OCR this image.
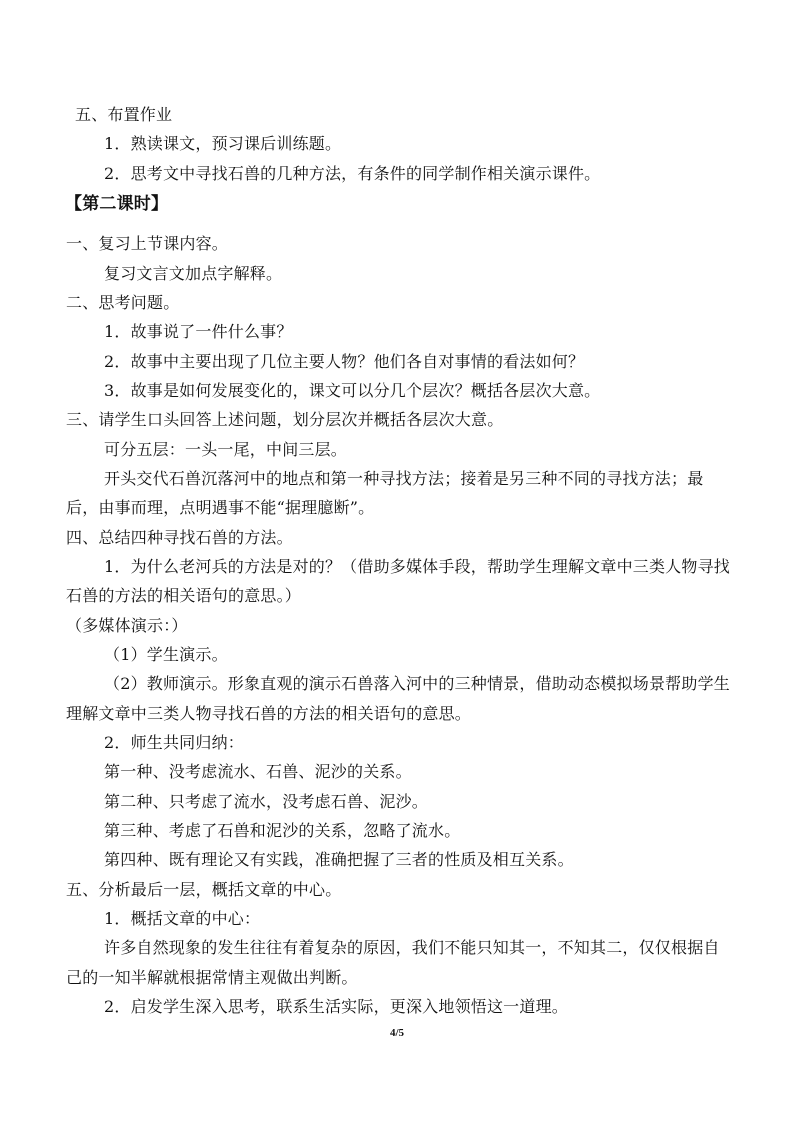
五、布置作业
1．熟读课文，预习课后训练题。
2．思考文中寻找石兽的几种方法，有条件的同学制作相关演示课件。
【第二课时】
一、复习上节课内容。
复习文言文加点字解释。
二、思考问题。
1．故事说了一件什么事？
2．故事中主要出现了几位主要人物？他们各自对事情的看法如何？
3．故事是如何发展变化的，课文可以分几个层次？概括各层次大意。
三、请学生口头回答上述问题，划分层次并概括各层次大意。
可分五层：一头一尾，中间三层。
开头交代石兽沉落河中的地点和第一种寻找方法；接着是另三种不同的寻找方法；最
后，由事而理，点明遇事不能“据理臆断”。
四、总结四种寻找石兽的方法。
1．为什么老河兵的方法是对的？（借助多媒体手段，帮助学生理解文章中三类人物寻找
石兽的方法的相关语句的意思。）
（多媒体演示：）
（1）学生演示。
（2）教师演示。形象直观的演示石兽落入河中的三种情景，借助动态模拟场景帮助学生
理解文章中三类人物寻找石兽的方法的相关语句的意思。
2．师生共同归纳：
第一种、没考虑流水、石兽、泥沙的关系。
第二种、只考虑了流水，没考虑石兽、泥沙。
第三种、考虑了石兽和泥沙的关系，忽略了流水。
第四种、既有理论又有实践，准确把握了三者的性质及相互关系。
五、分析最后一层，概括文章的中心。
1．概括文章的中心：
许多自然现象的发生往往有着复杂的原因，我们不能只知其一，不知其二，仅仅根据自
己的一知半解就根据常情主观做出判断。
2．启发学生深入思考，联系生活实际，更深入地领悟这一道理。
4/5
